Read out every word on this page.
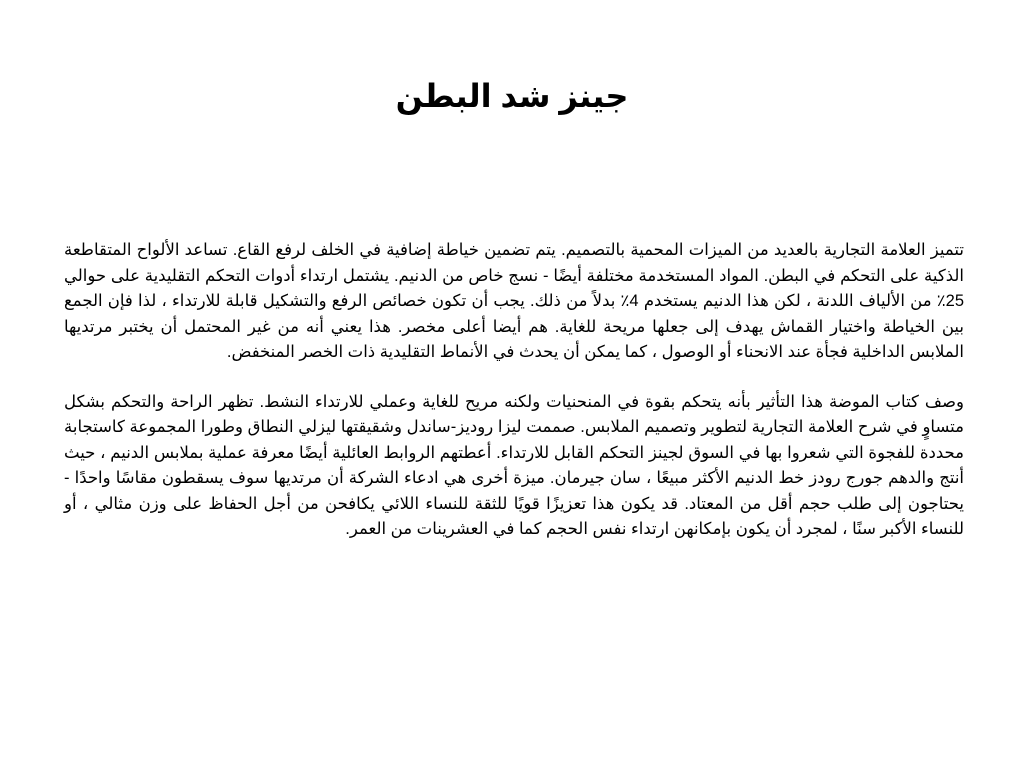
جينز شد البطن

تتميز العلامة التجارية بالعديد من الميزات المحمية بالتصميم. يتم تضمين خياطة إضافية في الخلف لرفع القاع. تساعد الألواح المتقاطعة الذكية على التحكم في البطن. المواد المستخدمة مختلفة أيضًا - نسج خاص من الدنيم. يشتمل ارتداء أدوات التحكم التقليدية على حوالي 25٪ من الألياف اللدنة ، لكن هذا الدنيم يستخدم 4٪ بدلاً من ذلك. يجب أن تكون خصائص الرفع والتشكيل قابلة للارتداء ، لذا فإن الجمع بين الخياطة واختيار القماش يهدف إلى جعلها مريحة للغاية. هم أيضا أعلى مخصر. هذا يعني أنه من غير المحتمل أن يختبر مرتديها الملابس الداخلية فجأة عند الانحناء أو الوصول ، كما يمكن أن يحدث في الأنماط التقليدية ذات الخصر المنخفض.

وصف كتاب الموضة هذا التأثير بأنه يتحكم بقوة في المنحنيات ولكنه مريح للغاية وعملي للارتداء النشط. تظهر الراحة والتحكم بشكل متساوٍ في شرح العلامة التجارية لتطوير وتصميم الملابس. صممت ليزا روديز-ساندل وشقيقتها ليزلي النطاق وطورا المجموعة كاستجابة محددة للفجوة التي شعروا بها في السوق لجينز التحكم القابل للارتداء. أعطتهم الروابط العائلية أيضًا معرفة عملية بملابس الدنيم ، حيث أنتج والدهم جورج رودز خط الدنيم الأكثر مبيعًا ، سان جيرمان. ميزة أخرى هي ادعاء الشركة أن مرتديها سوف يسقطون مقاسًا واحدًا - يحتاجون إلى طلب حجم أقل من المعتاد. قد يكون هذا تعزيزًا قويًا للثقة للنساء اللائي يكافحن من أجل الحفاظ على وزن مثالي ، أو للنساء الأكبر سنًا ، لمجرد أن يكون بإمكانهن ارتداء نفس الحجم كما في العشرينات من العمر.
